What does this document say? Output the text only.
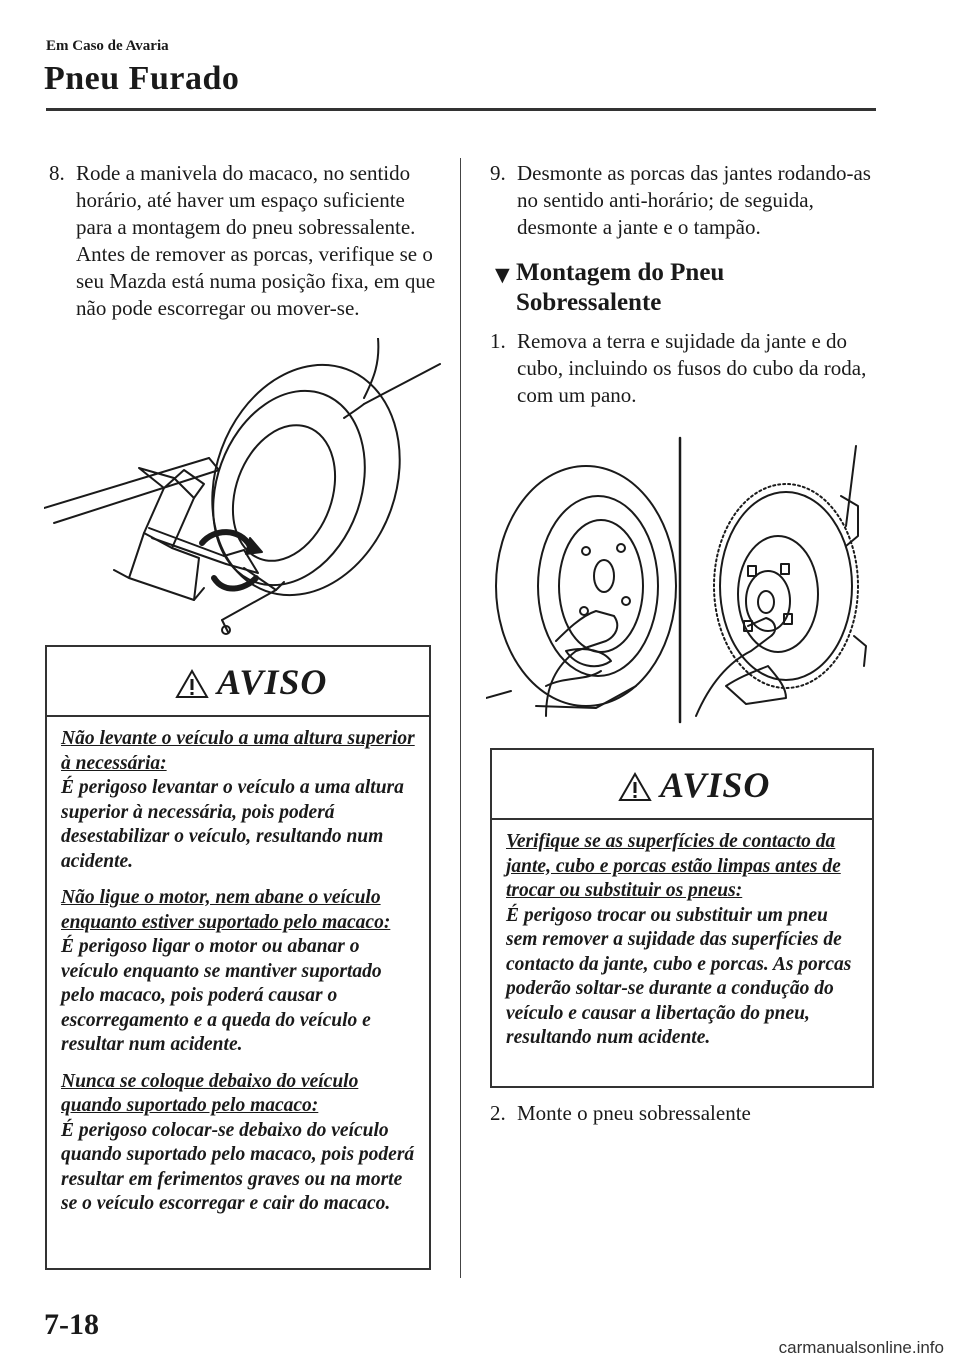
Em Caso de Avaria
Pneu Furado
8. Rode a manivela do macaco, no sentido horário, até haver um espaço suficiente para a montagem do pneu sobressalente. Antes de remover as porcas, verifique se o seu Mazda está numa posição fixa, em que não pode escorregar ou mover-se.
AVISO
Não levante o veículo a uma altura superior à necessária:
É perigoso levantar o veículo a uma altura superior à necessária, pois poderá desestabilizar o veículo, resultando num acidente.
Não ligue o motor, nem abane o veículo enquanto estiver suportado pelo macaco:
É perigoso ligar o motor ou abanar o veículo enquanto se mantiver suportado pelo macaco, pois poderá causar o escorregamento e a queda do veículo e resultar num acidente.
Nunca se coloque debaixo do veículo quando suportado pelo macaco:
É perigoso colocar-se debaixo do veículo quando suportado pelo macaco, pois poderá resultar em ferimentos graves ou na morte se o veículo escorregar e cair do macaco.
9. Desmonte as porcas das jantes rodando-as no sentido anti-horário; de seguida, desmonte a jante e o tampão.
▼ Montagem do Pneu Sobressalente
1. Remova a terra e sujidade da jante e do cubo, incluindo os fusos do cubo da roda, com um pano.
AVISO
Verifique se as superfícies de contacto da jante, cubo e porcas estão limpas antes de trocar ou substituir os pneus:
É perigoso trocar ou substituir um pneu sem remover a sujidade das superfícies de contacto da jante, cubo e porcas. As porcas poderão soltar-se durante a condução do veículo e causar a libertação do pneu, resultando num acidente.
2. Monte o pneu sobressalente
7-18
carmanualsonline.info
